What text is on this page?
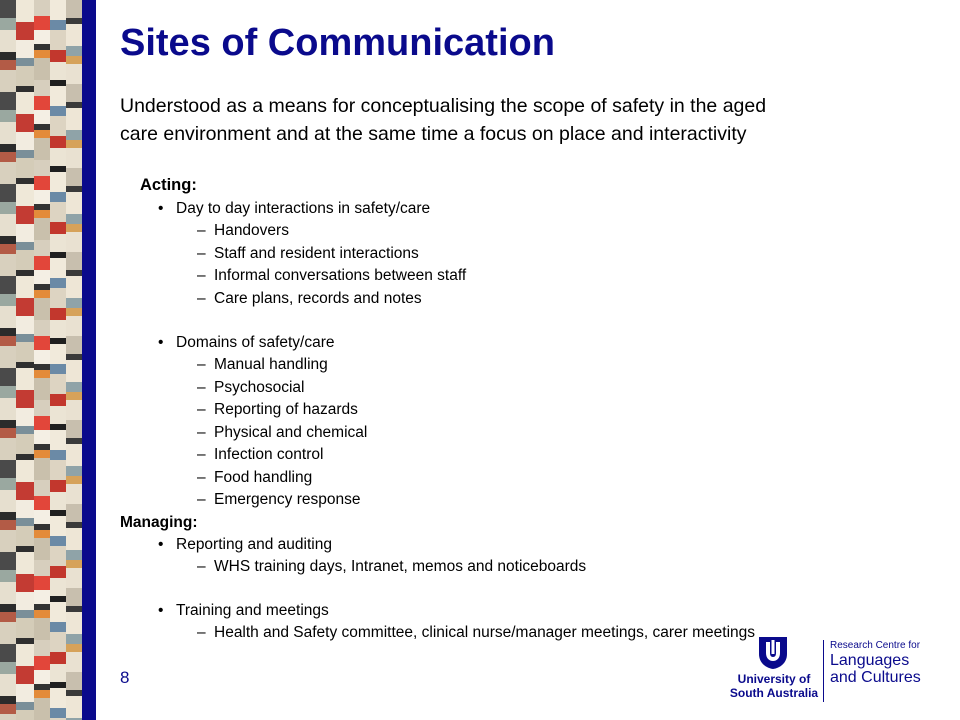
Sites of Communication
Understood as a means for conceptualising the scope of safety in the aged
care environment and at the same time a focus on place and interactivity
Acting:
• Day to day interactions in safety/care
– Handovers
– Staff and resident interactions
– Informal conversations between staff
– Care plans, records and notes
• Domains of safety/care
– Manual handling
– Psychosocial
– Reporting of hazards
– Physical and chemical
– Infection control
– Food handling
– Emergency response
Managing:
• Reporting and auditing
– WHS training days, Intranet, memos and noticeboards
• Training and meetings
– Health and Safety committee, clinical nurse/manager meetings, carer meetings
8	University of
South Australia
Research Centre for
Languages
and Cultures
